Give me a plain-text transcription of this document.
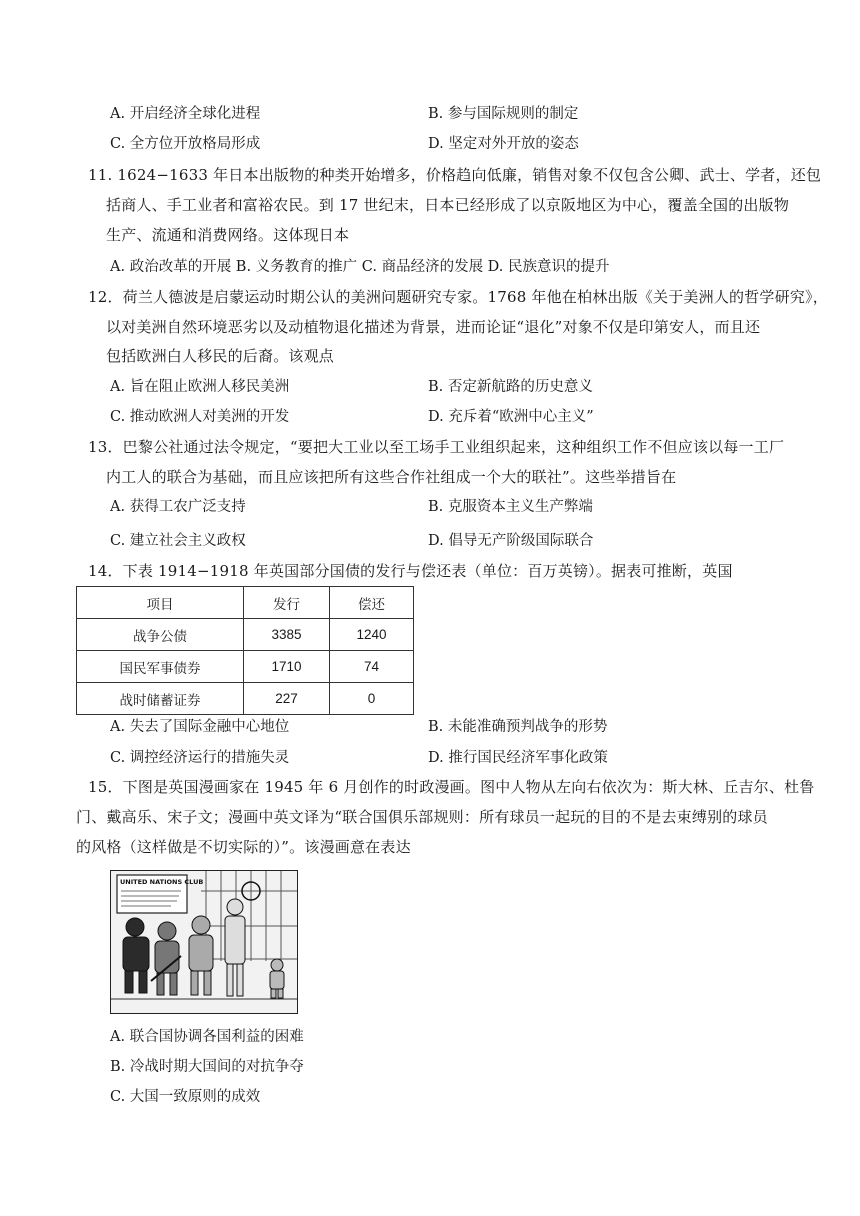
A. 开启经济全球化进程	B. 参与国际规则的制定
C. 全方位开放格局形成	D. 坚定对外开放的姿态
11. 1624−1633 年日本出版物的种类开始增多，价格趋向低廉，销售对象不仅包含公卿、武士、学者，还包
括商人、手工业者和富裕农民。到 17 世纪末，日本已经形成了以京阪地区为中心，覆盖全国的出版物
生产、流通和消费网络。这体现日本
A. 政治改革的开展 B. 义务教育的推广 C. 商品经济的发展 D. 民族意识的提升
12．荷兰人德波是启蒙运动时期公认的美洲问题研究专家。1768 年他在柏林出版《关于美洲人的哲学研究》，
以对美洲自然环境恶劣以及动植物退化描述为背景，进而论证“退化”对象不仅是印第安人，而且还
包括欧洲白人移民的后裔。该观点
A. 旨在阻止欧洲人移民美洲	B. 否定新航路的历史意义
C. 推动欧洲人对美洲的开发	D. 充斥着“欧洲中心主义”
13．巴黎公社通过法令规定，“要把大工业以至工场手工业组织起来，这种组织工作不但应该以每一工厂
内工人的联合为基础，而且应该把所有这些合作社组成一个大的联社”。这些举措旨在
A. 获得工农广泛支持	B. 克服资本主义生产弊端
C. 建立社会主义政权	D. 倡导无产阶级国际联合
14．下表 1914−1918 年英国部分国债的发行与偿还表（单位：百万英镑）。据表可推断，英国
项目	发行	偿还
战争公债	3385	1240
国民军事债券	1710	74
战时储蓄证券	227	0
A. 失去了国际金融中心地位	B. 未能准确预判战争的形势
C. 调控经济运行的措施失灵	D. 推行国民经济军事化政策
15．下图是英国漫画家在 1945 年 6 月创作的时政漫画。图中人物从左向右依次为：斯大林、丘吉尔、杜鲁
门、戴高乐、宋子文；漫画中英文译为“联合国俱乐部规则：所有球员一起玩的目的不是去束缚别的球员
的风格（这样做是不切实际的）”。该漫画意在表达
UNITED NATIONS CLUB
A. 联合国协调各国利益的困难
B. 冷战时期大国间的对抗争夺
C. 大国一致原则的成效
